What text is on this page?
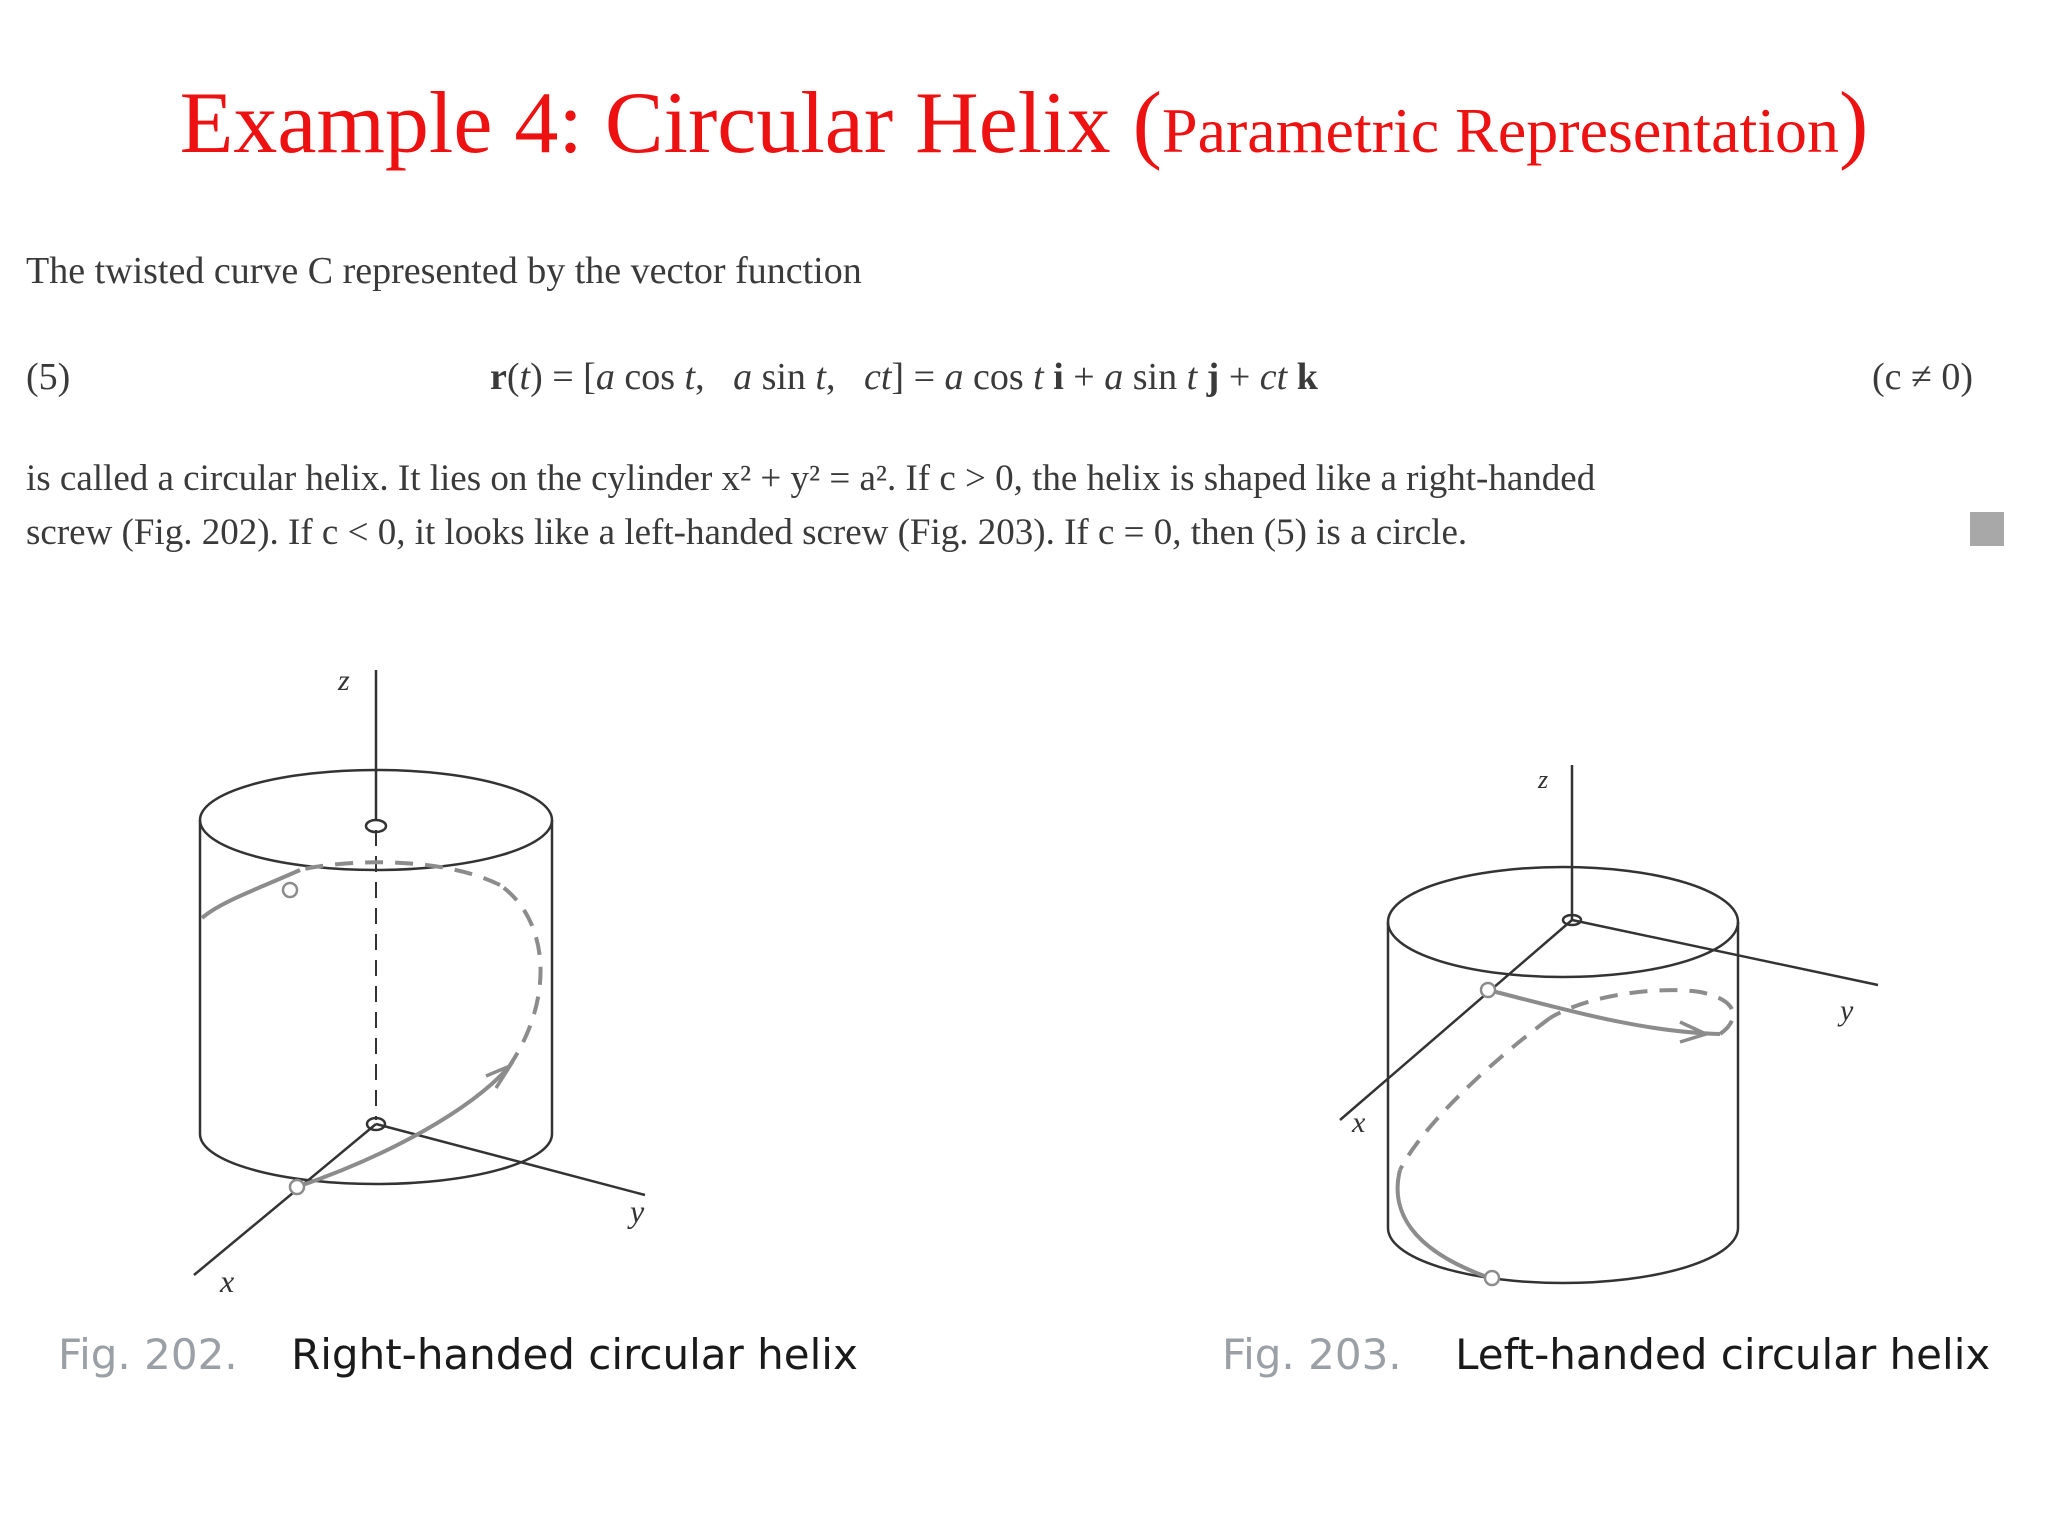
Example 4: Circular Helix (Parametric Representation)
The twisted curve C represented by the vector function
(5)	r(t) = [a cos t,   a sin t,   ct] = a cos t i + a sin t j + ct k	(c ≠ 0)
is called a circular helix. It lies on the cylinder x² + y² = a². If c > 0, the helix is shaped like a right-handed
screw (Fig. 202). If c < 0, it looks like a left-handed screw (Fig. 203). If c = 0, then (5) is a circle.
z
x
y
Fig. 202. Right-handed circular helix
z
x
y
Fig. 203. Left-handed circular helix
